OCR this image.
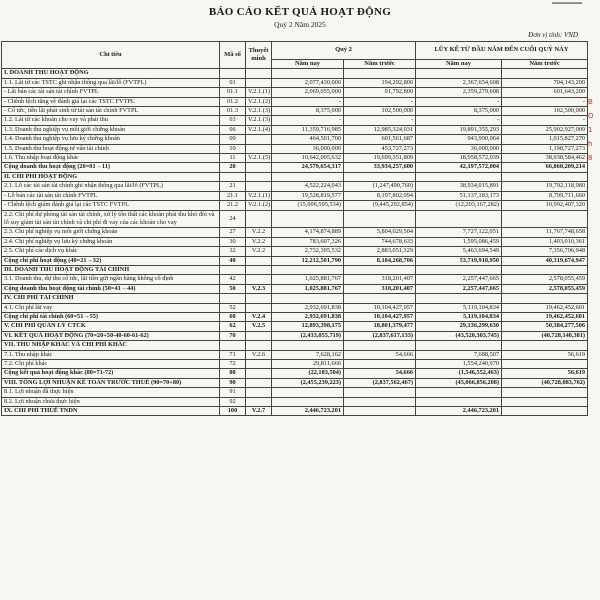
▬▬▬▬▬
BÁO CÁO KẾT QUẢ HOẠT ĐỘNG
Quý 2 Năm 2025
Đơn vị tính: VND
B
O
1
h
8
Chỉ tiêu	Mã số	Thuyết minh	Quý 2		LŨY KẾ TỪ ĐẦU NĂM ĐẾN CUỐI QUÝ NÀY	
			Năm nay	Năm trước	Năm nay	Năm trước
I. DOANH THU HOẠT ĐỘNG						
1.1. Lãi từ các TSTC ghi nhận thông qua lãi/lỗ (FVTPL)	01		2,077,430,000	194,292,800	2,367,654,608	704,143,200
- Lãi bán các tài sản tài chính FVTPL	01.1	V.2.1.(1)	2,069,055,000	91,792,800	2,359,279,608	601,643,200
- Chênh lệch tăng về đánh giá lại các TSTC FVTPL	01.2	V.2.1.(2)	-	-	-	-
- Cổ tức, tiền lãi phát sinh từ tài sản tài chính FVTPL	01.3	V.2.1.(3)	8,375,000	102,500,000	8,375,000	102,500,000
1.2. Lãi từ các khoản cho vay và phải thu	03	V.2.1.(3)	-	-	-	-
1.3. Doanh thu nghiệp vụ môi giới chứng khoán	06	V.2.1.(4)	11,359,716,985	12,985,324,031	19,891,355,293	25,902,927,009
1.4. Doanh thu nghiệp vụ lưu ký chứng khoán	09		464,501,700	601,561,687	943,990,064	1,015,827,270
1.5. Doanh thu hoạt động tư vấn tài chính	10		36,000,000	453,727,273	36,000,000	1,198,727,273
1.6. Thu nhập hoạt động khác	11	V.2.1.(5)	10,642,005,632	19,699,351,809	18,958,572,039	38,038,584,462
Cộng doanh thu hoạt động (20=01→11)	20		24,579,654,317	33,934,257,600	42,197,572,004	66,860,209,214
II. CHI PHÍ HOẠT ĐỘNG						
2.1. Lỗ các tài sản tài chính ghi nhận thông qua lãi/lỗ (FVTPL)	21		4,522,224,043	(1,247,490,760)	38,934,015,891	19,792,118,980
- Lỗ bán các tài sản tài chính FVTPL	21.1	V.2.1.(1)	19,528,819,577	8,197,802,094	51,137,183,173	8,799,711,660
- Chênh lệch giảm đánh giá lại các TSTC FVTPL	21.2	V.2.1.(2)	(15,006,595,534)	(9,445,292,854)	(12,203,167,282)	10,992,407,320
2.2. Chi phí dự phòng tài sản tài chính, xử lý tổn thất các khoản phải thu khó đòi và lỗ suy giảm tài sản tài chính và chi phí đi vay của các khoản cho vay	24					
2.3. Chi phí nghiệp vụ môi giới chứng khoán	27	V.2.2	4,174,874,889	5,804,029,504	7,727,122,051	11,767,748,658
2.4. Chi phí nghiệp vụ lưu ký chứng khoán	30	V.2.2	783,607,326	744,678,633	1,595,086,459	1,403,010,361
2.5. Chi phí các dịch vụ khác	32	V.2.2	2,732,395,532	2,883,051,329	5,463,694,549	7,356,796,948
Cộng chi phí hoạt động (40=21→32)	40		12,212,501,790	8,184,268,706	53,719,918,950	40,319,674,947
III. DOANH THU HOẠT ĐỘNG TÀI CHÍNH						
3.1. Doanh thu, dự thu cổ tức, lãi tiền gửi ngân hàng không cố định	42		1,025,881,767	318,201,407	2,257,447,665	2,578,055,459
Cộng doanh thu hoạt động tài chính (50=41→44)	50	V.2.3	1,025,881,767	318,201,407	2,257,447,665	2,578,055,459
IV. CHI PHÍ TÀI CHÍNH						
4.1. Chi phí lãi vay	52		2,932,691,838	10,104,427,957	5,119,104,834	19,462,452,601
Cộng chi phí tài chính (60=51→55)	60	V.2.4	2,932,691,838	10,104,427,957	5,119,104,834	19,462,452,601
V. CHI PHÍ QUẢN LÝ CTCK	62	V.2.5	12,893,398,175	18,801,379,477	29,136,299,630	50,384,277,506
VI. KẾT QUẢ HOẠT ĐỘNG (70=20+50-40-60-61-62)	70		(2,433,055,719)	(2,837,617,133)	(43,520,303,745)	(40,728,140,381)
VII. THU NHẬP KHÁC VÀ CHI PHÍ KHÁC						
7.1. Thu nhập khác	71	V.2.6	7,628,162	54,666	7,688,507	56,619
7.2. Chi phí khác	72		29,811,666		1,554,240,970	
Cộng kết quả hoạt động khác (80=71-72)	80		(22,183,504)	54,666	(1,546,552,463)	56,619
VIII. TỔNG LỢI NHUẬN KẾ TOÁN TRƯỚC THUẾ (90=70+80)	90		(2,455,239,223)	(2,837,562,467)	(45,066,856,208)	(40,728,083,762)
8.1. Lợi nhuận đã thực hiện	91					
8.2. Lợi nhuận chưa thực hiện	92					
IX. CHI PHÍ THUẾ TNDN	100	V.2.7	2,446,723,201		2,446,723,201	
